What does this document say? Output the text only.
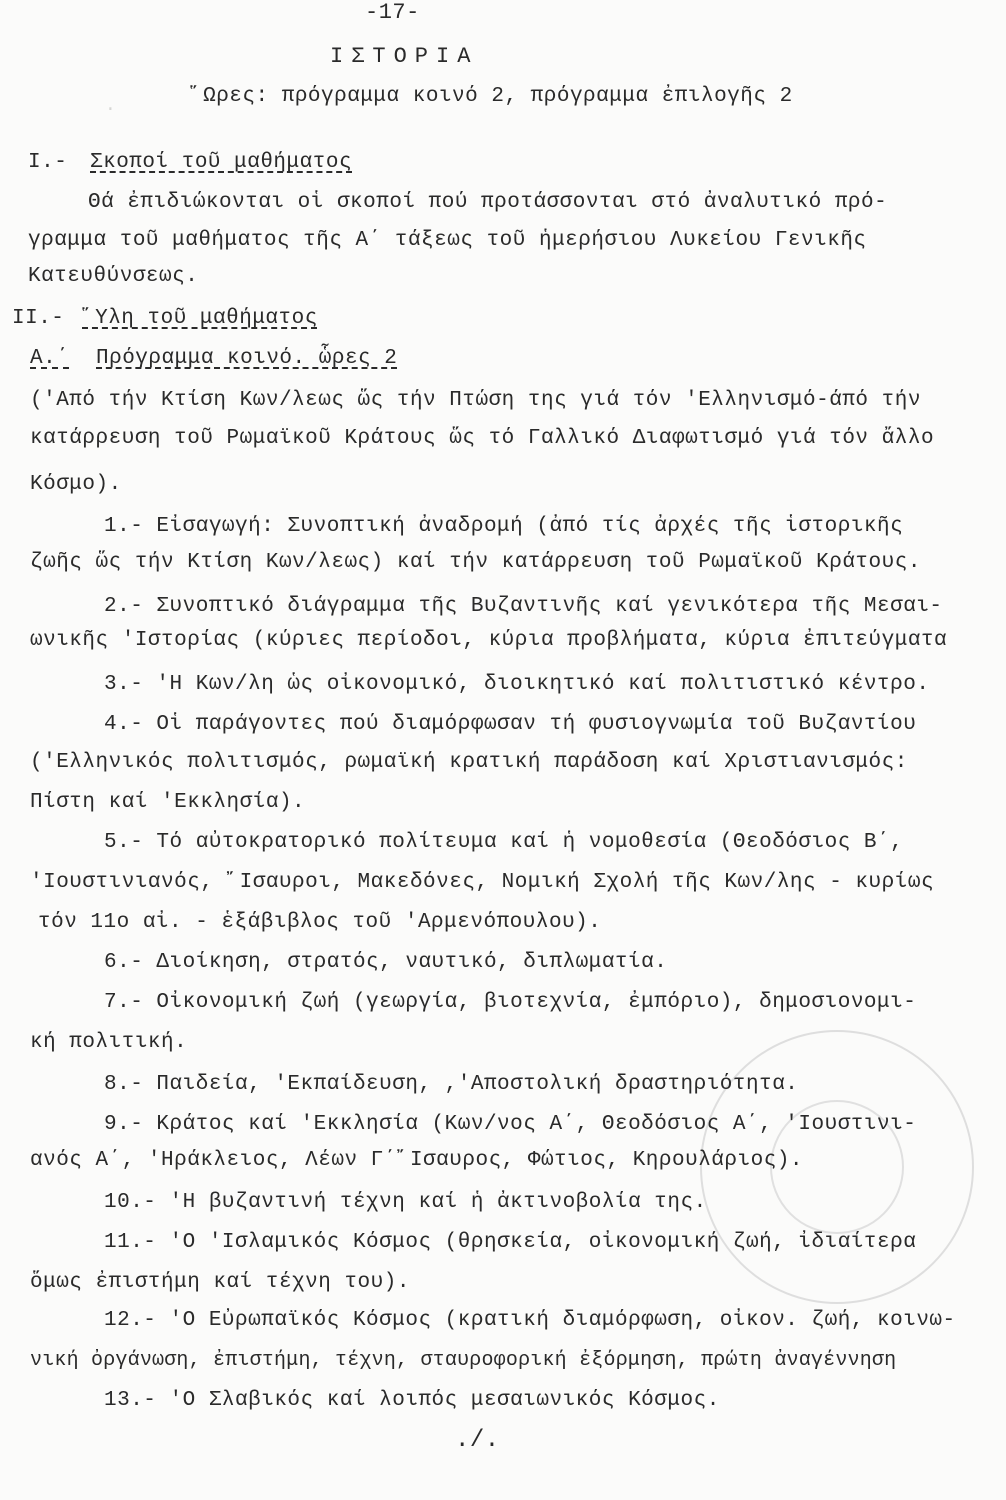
·
-17-
ΙΣΤΟΡΙΑ
῞Ωρες: πρόγραμμα κοινό 2, πρόγραμμα ἐπιλογῆς 2
Ι.- Σκοποί τοῦ μαθήματος
Θά ἐπιδιώκονται οἱ σκοποί πού προτάσσονται στό ἀναλυτικό πρό-
γραμμα τοῦ μαθήματος τῆς Α΄ τάξεως τοῦ ἡμερήσιου Λυκείου Γενικῆς
Κατευθύνσεως.
ΙΙ.- ῞Υλη τοῦ μαθήματος
Α.΄ Πρόγραμμα κοινό. ὧρες 2
('Από τήν Κτίση Κων/λεως ὥς τήν Πτώση της γιά τόν 'Ελληνισμό-άπό τήν
κατάρρευση τοῦ Ρωμαϊκοῦ Κράτους ὥς τό Γαλλικό Διαφωτισμό γιά τόν ἄλλο
Κόσμο).
1.- Εἰσαγωγή: Συνοπτική ἀναδρομή (ἀπό τίς ἀρχές τῆς ἱστορικῆς
ζωῆς ὥς τήν Κτίση Κων/λεως) καί τήν κατάρρευση τοῦ Ρωμαϊκοῦ Κράτους.
2.- Συνοπτικό διάγραμμα τῆς Βυζαντινῆς καί γενικότερα τῆς Μεσαι-
ωνικῆς 'Ιστορίας (κύριες περίοδοι, κύρια προβλήματα, κύρια ἐπιτεύγματα
3.- 'Η Κων/λη ὡς οἰκονομικό, διοικητικό καί πολιτιστικό κέντρο.
4.- Οἱ παράγοντες πού διαμόρφωσαν τή φυσιογνωμία τοῦ Βυζαντίου
('Ελληνικός πολιτισμός, ρωμαϊκή κρατική παράδοση καί Χριστιανισμός:
Πίστη καί 'Εκκλησία).
5.- Τό αὐτοκρατορικό πολίτευμα καί ἡ νομοθεσία (Θεοδόσιος Β΄,
'Ιουστινιανός, ῎Ισαυροι, Μακεδόνες, Νομική Σχολή τῆς Κων/λης - κυρίως
τόν 11ο αἰ. - ἑξάβιβλος τοῦ 'Αρμενόπουλου).
6.- Διοίκηση, στρατός, ναυτικό, διπλωματία.
7.- Οἰκονομική ζωή (γεωργία, βιοτεχνία, ἐμπόριο), δημοσιονομι-
κή πολιτική.
8.- Παιδεία, 'Εκπαίδευση, ,'Αποστολική δραστηριότητα.
9.- Κράτος καί 'Εκκλησία (Κων/νος Α΄, Θεοδόσιος Α΄, 'Ιουστινι-
ανός Α΄, 'Ηράκλειος, Λέων Γ΄῎Ισαυρος, Φώτιος, Κηρουλάριος).
10.- 'Η βυζαντινή τέχνη καί ἡ ἀκτινοβολία της.
11.- 'Ο 'Ισλαμικός Κόσμος (θρησκεία, οἰκονομική ζωή, ἰδιαίτερα
ὅμως ἐπιστήμη καί τέχνη του).
12.- 'Ο Εὐρωπαϊκός Κόσμος (κρατική διαμόρφωση, οἰκον. ζωή, κοινω-
νική ὀργάνωση, ἐπιστήμη, τέχνη, σταυροφορική ἐξόρμηση, πρώτη ἀναγέννηση
13.- 'Ο Σλαβικός καί λοιπός μεσαιωνικός Κόσμος.
./.
